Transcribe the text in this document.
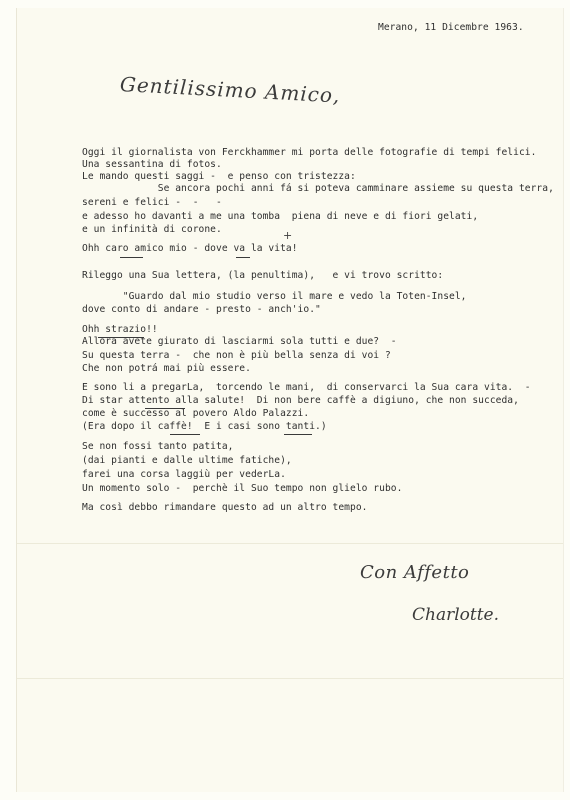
Merano, 11 Dicembre 1963.
Gentilissimo Amico,
Oggi il giornalista von Ferckhammer mi porta delle fotografie di tempi felici.
Una sessantina di fotos.
Le mando questi saggi -  e penso con tristezza:
Se ancora pochi anni fá si poteva camminare assieme su questa terra,
sereni e felici -  -   -
e adesso ho davanti a me una tomba  piena di neve e di fiori gelati,
e un infinità di corone.
Ohh caro amico mio - dove va la vita!
Rileggo una Sua lettera, (la penultima),   e vi trovo scritto:
"Guardo dal mio studio verso il mare e vedo la Toten-Insel,
dove conto di andare - presto - anch'io."
Ohh strazio!!
Allora avete giurato di lasciarmi sola tutti e due?  -
Su questa terra -  che non è più bella senza di voi ?
Che non potrá mai più essere.
E sono li a pregarLa,  torcendo le mani,  di conservarci la Sua cara vita.  -
Di star attento alla salute!  Di non bere caffè a digiuno, che non succeda,
come è successo al povero Aldo Palazzi.
(Era dopo il caffè!  E i casi sono tanti.)
Se non fossi tanto patita,
(dai pianti e dalle ultime fatiche),
farei una corsa laggiù per vederLa.
Un momento solo -  perchè il Suo tempo non glielo rubo.
Ma così debbo rimandare questo ad un altro tempo.
+
Con Affetto
Charlotte.
